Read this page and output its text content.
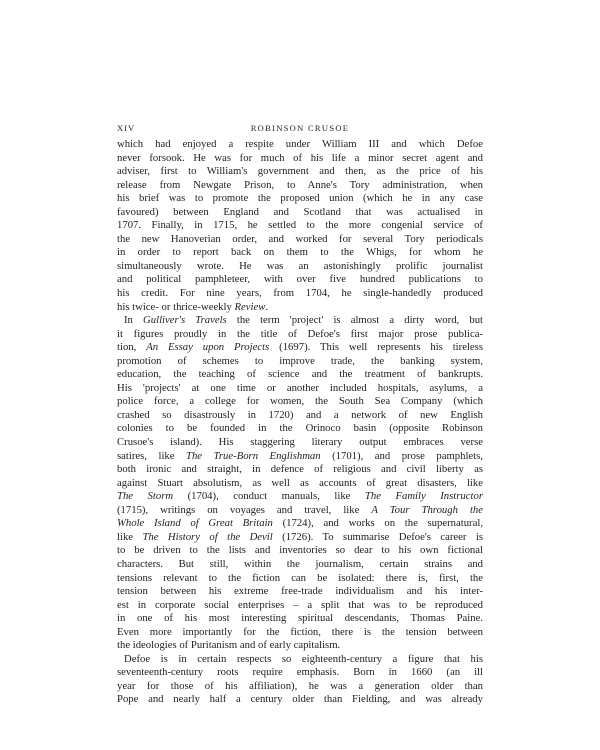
XIV	ROBINSON CRUSOE
which had enjoyed a respite under William III and which Defoe
never forsook. He was for much of his life a minor secret agent and
adviser, first to William's government and then, as the price of his
release from Newgate Prison, to Anne's Tory administration, when
his brief was to promote the proposed union (which he in any case
favoured) between England and Scotland that was actualised in
1707. Finally, in 1715, he settled to the more congenial service of
the new Hanoverian order, and worked for several Tory periodicals
in order to report back on them to the Whigs, for whom he
simultaneously wrote. He was an astonishingly prolific journalist
and political pamphleteer, with over five hundred publications to
his credit. For nine years, from 1704, he single-handedly produced
his twice- or thrice-weekly Review.
In Gulliver's Travels the term 'project' is almost a dirty word, but
it figures proudly in the title of Defoe's first major prose publica-
tion, An Essay upon Projects (1697). This well represents his tireless
promotion of schemes to improve trade, the banking system,
education, the teaching of science and the treatment of bankrupts.
His 'projects' at one time or another included hospitals, asylums, a
police force, a college for women, the South Sea Company (which
crashed so disastrously in 1720) and a network of new English
colonies to be founded in the Orinoco basin (opposite Robinson
Crusoe's island). His staggering literary output embraces verse
satires, like The True-Born Englishman (1701), and prose pamphlets,
both ironic and straight, in defence of religious and civil liberty as
against Stuart absolutism, as well as accounts of great disasters, like
The Storm (1704), conduct manuals, like The Family Instructor
(1715), writings on voyages and travel, like A Tour Through the
Whole Island of Great Britain (1724), and works on the supernatural,
like The History of the Devil (1726). To summarise Defoe's career is
to be driven to the lists and inventories so dear to his own fictional
characters. But still, within the journalism, certain strains and
tensions relevant to the fiction can be isolated: there is, first, the
tension between his extreme free-trade individualism and his inter-
est in corporate social enterprises – a split that was to be reproduced
in one of his most interesting spiritual descendants, Thomas Paine.
Even more importantly for the fiction, there is the tension between
the ideologies of Puritanism and of early capitalism.
Defoe is in certain respects so eighteenth-century a figure that his
seventeenth-century roots require emphasis. Born in 1660 (an ill
year for those of his affiliation), he was a generation older than
Pope and nearly half a century older than Fielding, and was already
